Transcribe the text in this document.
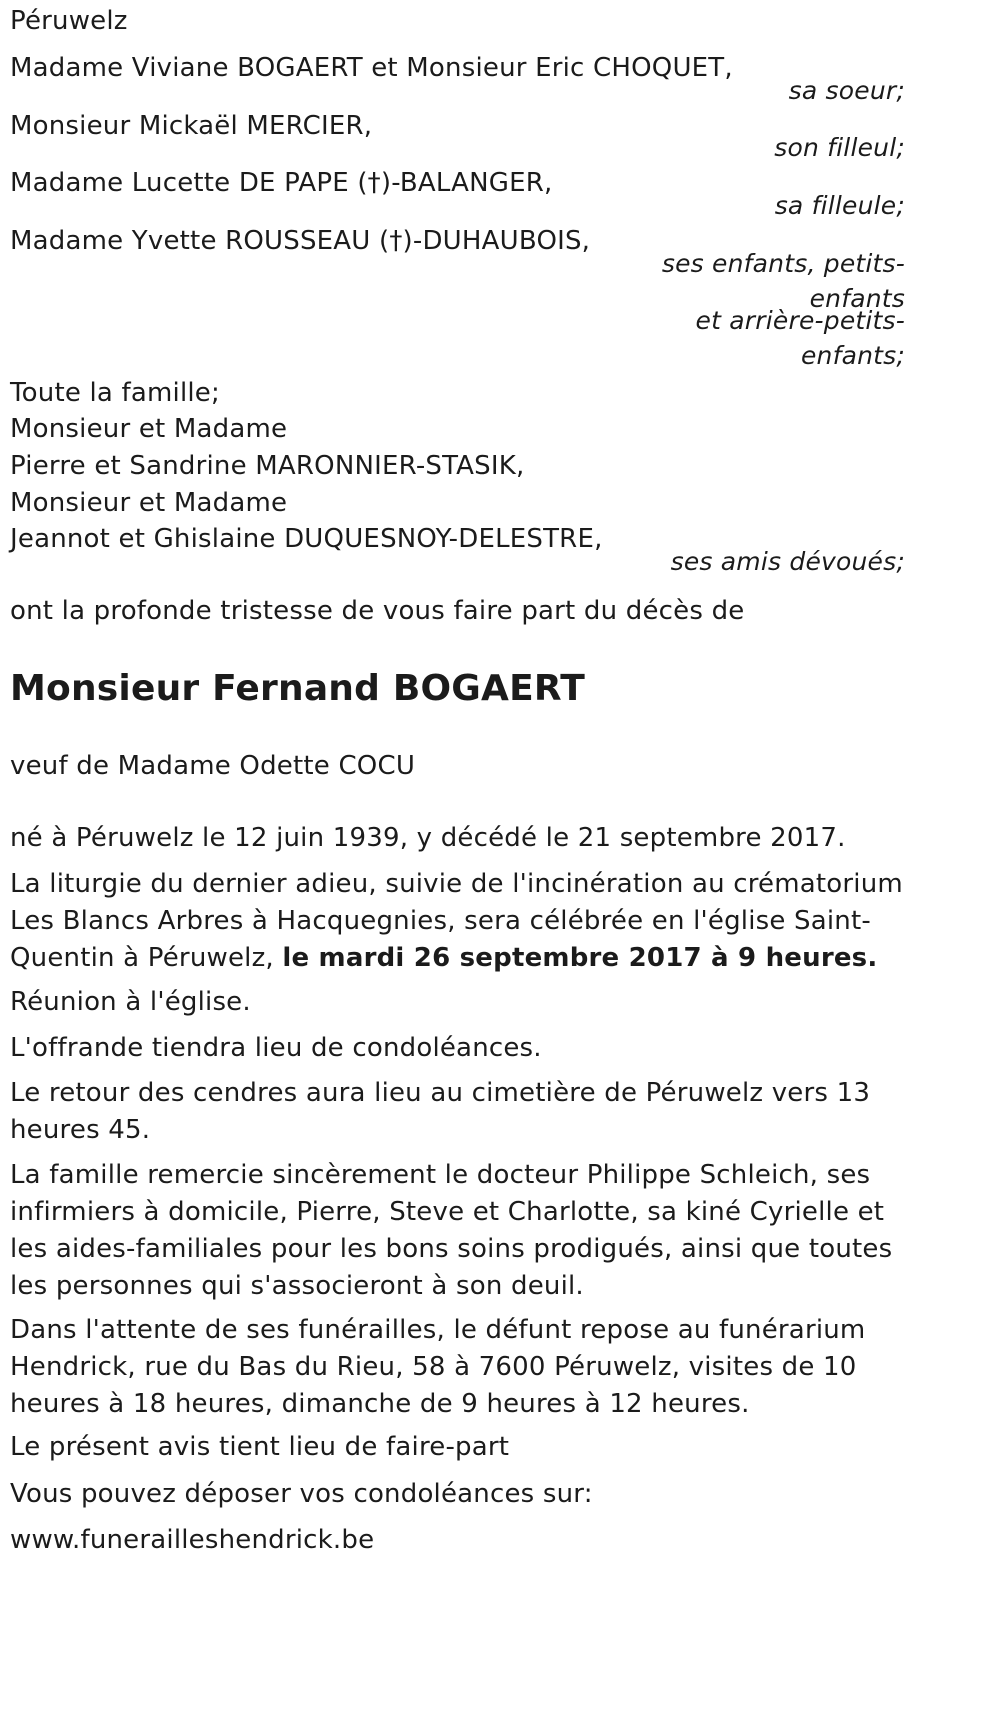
Péruwelz
Madame Viviane BOGAERT et Monsieur Eric CHOQUET,
sa soeur;
Monsieur Mickaël MERCIER,
son filleul;
Madame Lucette DE PAPE (†)-BALANGER,
sa filleule;
Madame Yvette ROUSSEAU (†)-DUHAUBOIS,
ses enfants, petits-
enfants
et arrière-petits-
enfants;
Toute la famille;
Monsieur et Madame
Pierre et Sandrine MARONNIER-STASIK,
Monsieur et Madame
Jeannot et Ghislaine DUQUESNOY-DELESTRE,
ses amis dévoués;
ont la profonde tristesse de vous faire part du décès de
Monsieur Fernand BOGAERT
veuf de Madame Odette COCU
né à Péruwelz le 12 juin 1939, y décédé le 21 septembre 2017.
La liturgie du dernier adieu, suivie de l'incinération au crématorium Les Blancs Arbres à Hacquegnies, sera célébrée en l'église Saint-Quentin à Péruwelz, le mardi 26 septembre 2017 à 9 heures.
Réunion à l'église.
L'offrande tiendra lieu de condoléances.
Le retour des cendres aura lieu au cimetière de Péruwelz vers 13 heures 45.
La famille remercie sincèrement le docteur Philippe Schleich, ses infirmiers à domicile, Pierre, Steve et Charlotte, sa kiné Cyrielle et les aides-familiales pour les bons soins prodigués, ainsi que toutes les personnes qui s'associeront à son deuil.
Dans l'attente de ses funérailles, le défunt repose au funérarium Hendrick, rue du Bas du Rieu, 58 à 7600 Péruwelz, visites de 10 heures à 18 heures, dimanche de 9 heures à 12 heures.
Le présent avis tient lieu de faire-part
Vous pouvez déposer vos condoléances sur:
www.funerailleshendrick.be
